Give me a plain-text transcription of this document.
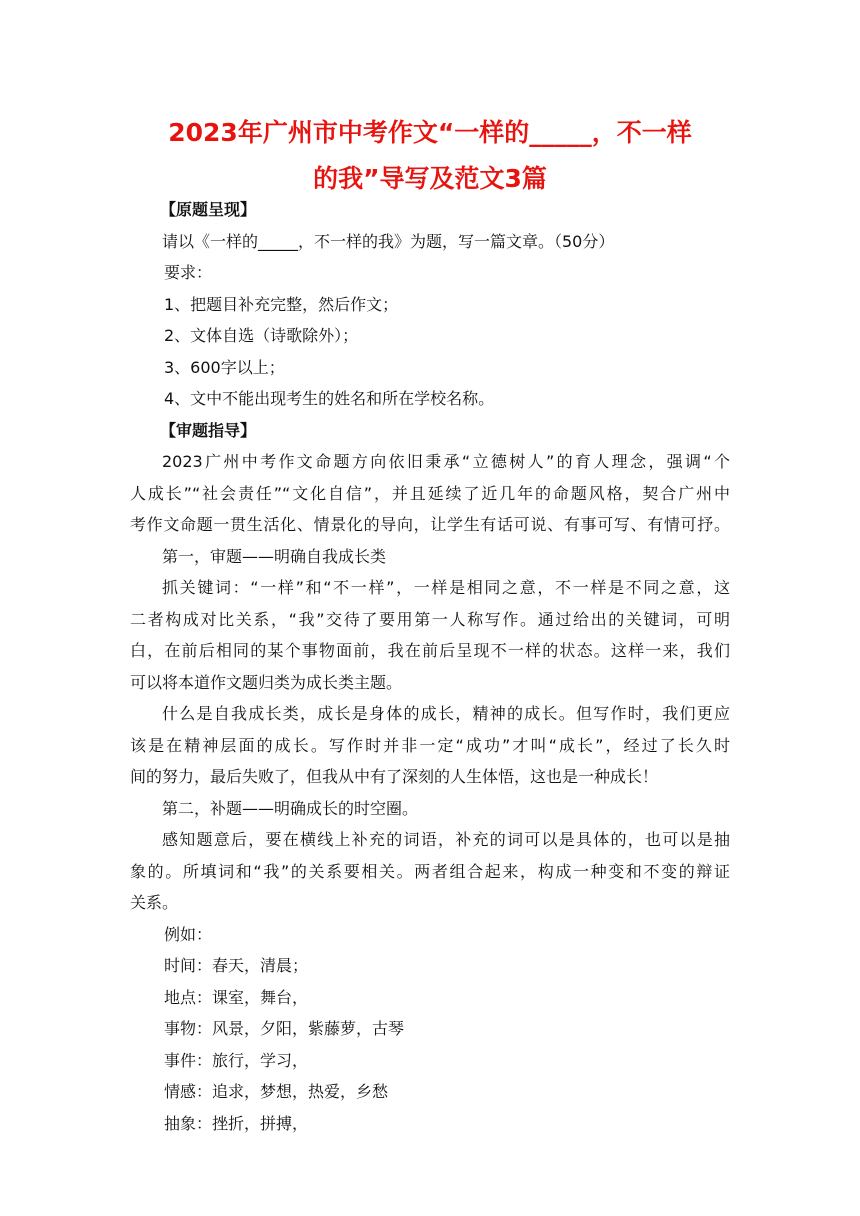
2023年广州市中考作文“一样的_____，不一样
的我”导写及范文3篇
【原题呈现】
请以《一样的_____，不一样的我》为题，写一篇文章。（50分）
要求：
1、把题目补充完整，然后作文；
2、文体自选（诗歌除外）；
3、600字以上；
4、文中不能出现考生的姓名和所在学校名称。
【审题指导】
2023广州中考作文命题方向依旧秉承“立德树人”的育人理念，强调“个
人成长”“社会责任”“文化自信”，并且延续了近几年的命题风格，契合广州中
考作文命题一贯生活化、情景化的导向，让学生有话可说、有事可写、有情可抒。
第一，审题——明确自我成长类
抓关键词：“一样”和“不一样”，一样是相同之意，不一样是不同之意，这
二者构成对比关系，“我”交待了要用第一人称写作。通过给出的关键词，可明
白，在前后相同的某个事物面前，我在前后呈现不一样的状态。这样一来，我们
可以将本道作文题归类为成长类主题。
什么是自我成长类，成长是身体的成长，精神的成长。但写作时，我们更应
该是在精神层面的成长。写作时并非一定“成功”才叫“成长”，经过了长久时
间的努力，最后失败了，但我从中有了深刻的人生体悟，这也是一种成长！
第二，补题——明确成长的时空圈。
感知题意后，要在横线上补充的词语，补充的词可以是具体的，也可以是抽
象的。所填词和“我”的关系要相关。两者组合起来，构成一种变和不变的辩证
关系。
例如：
时间：春天，清晨；
地点：课室，舞台，
事物：风景，夕阳，紫藤萝，古琴
事件：旅行，学习，
情感：追求，梦想，热爱，乡愁
抽象：挫折，拼搏，
